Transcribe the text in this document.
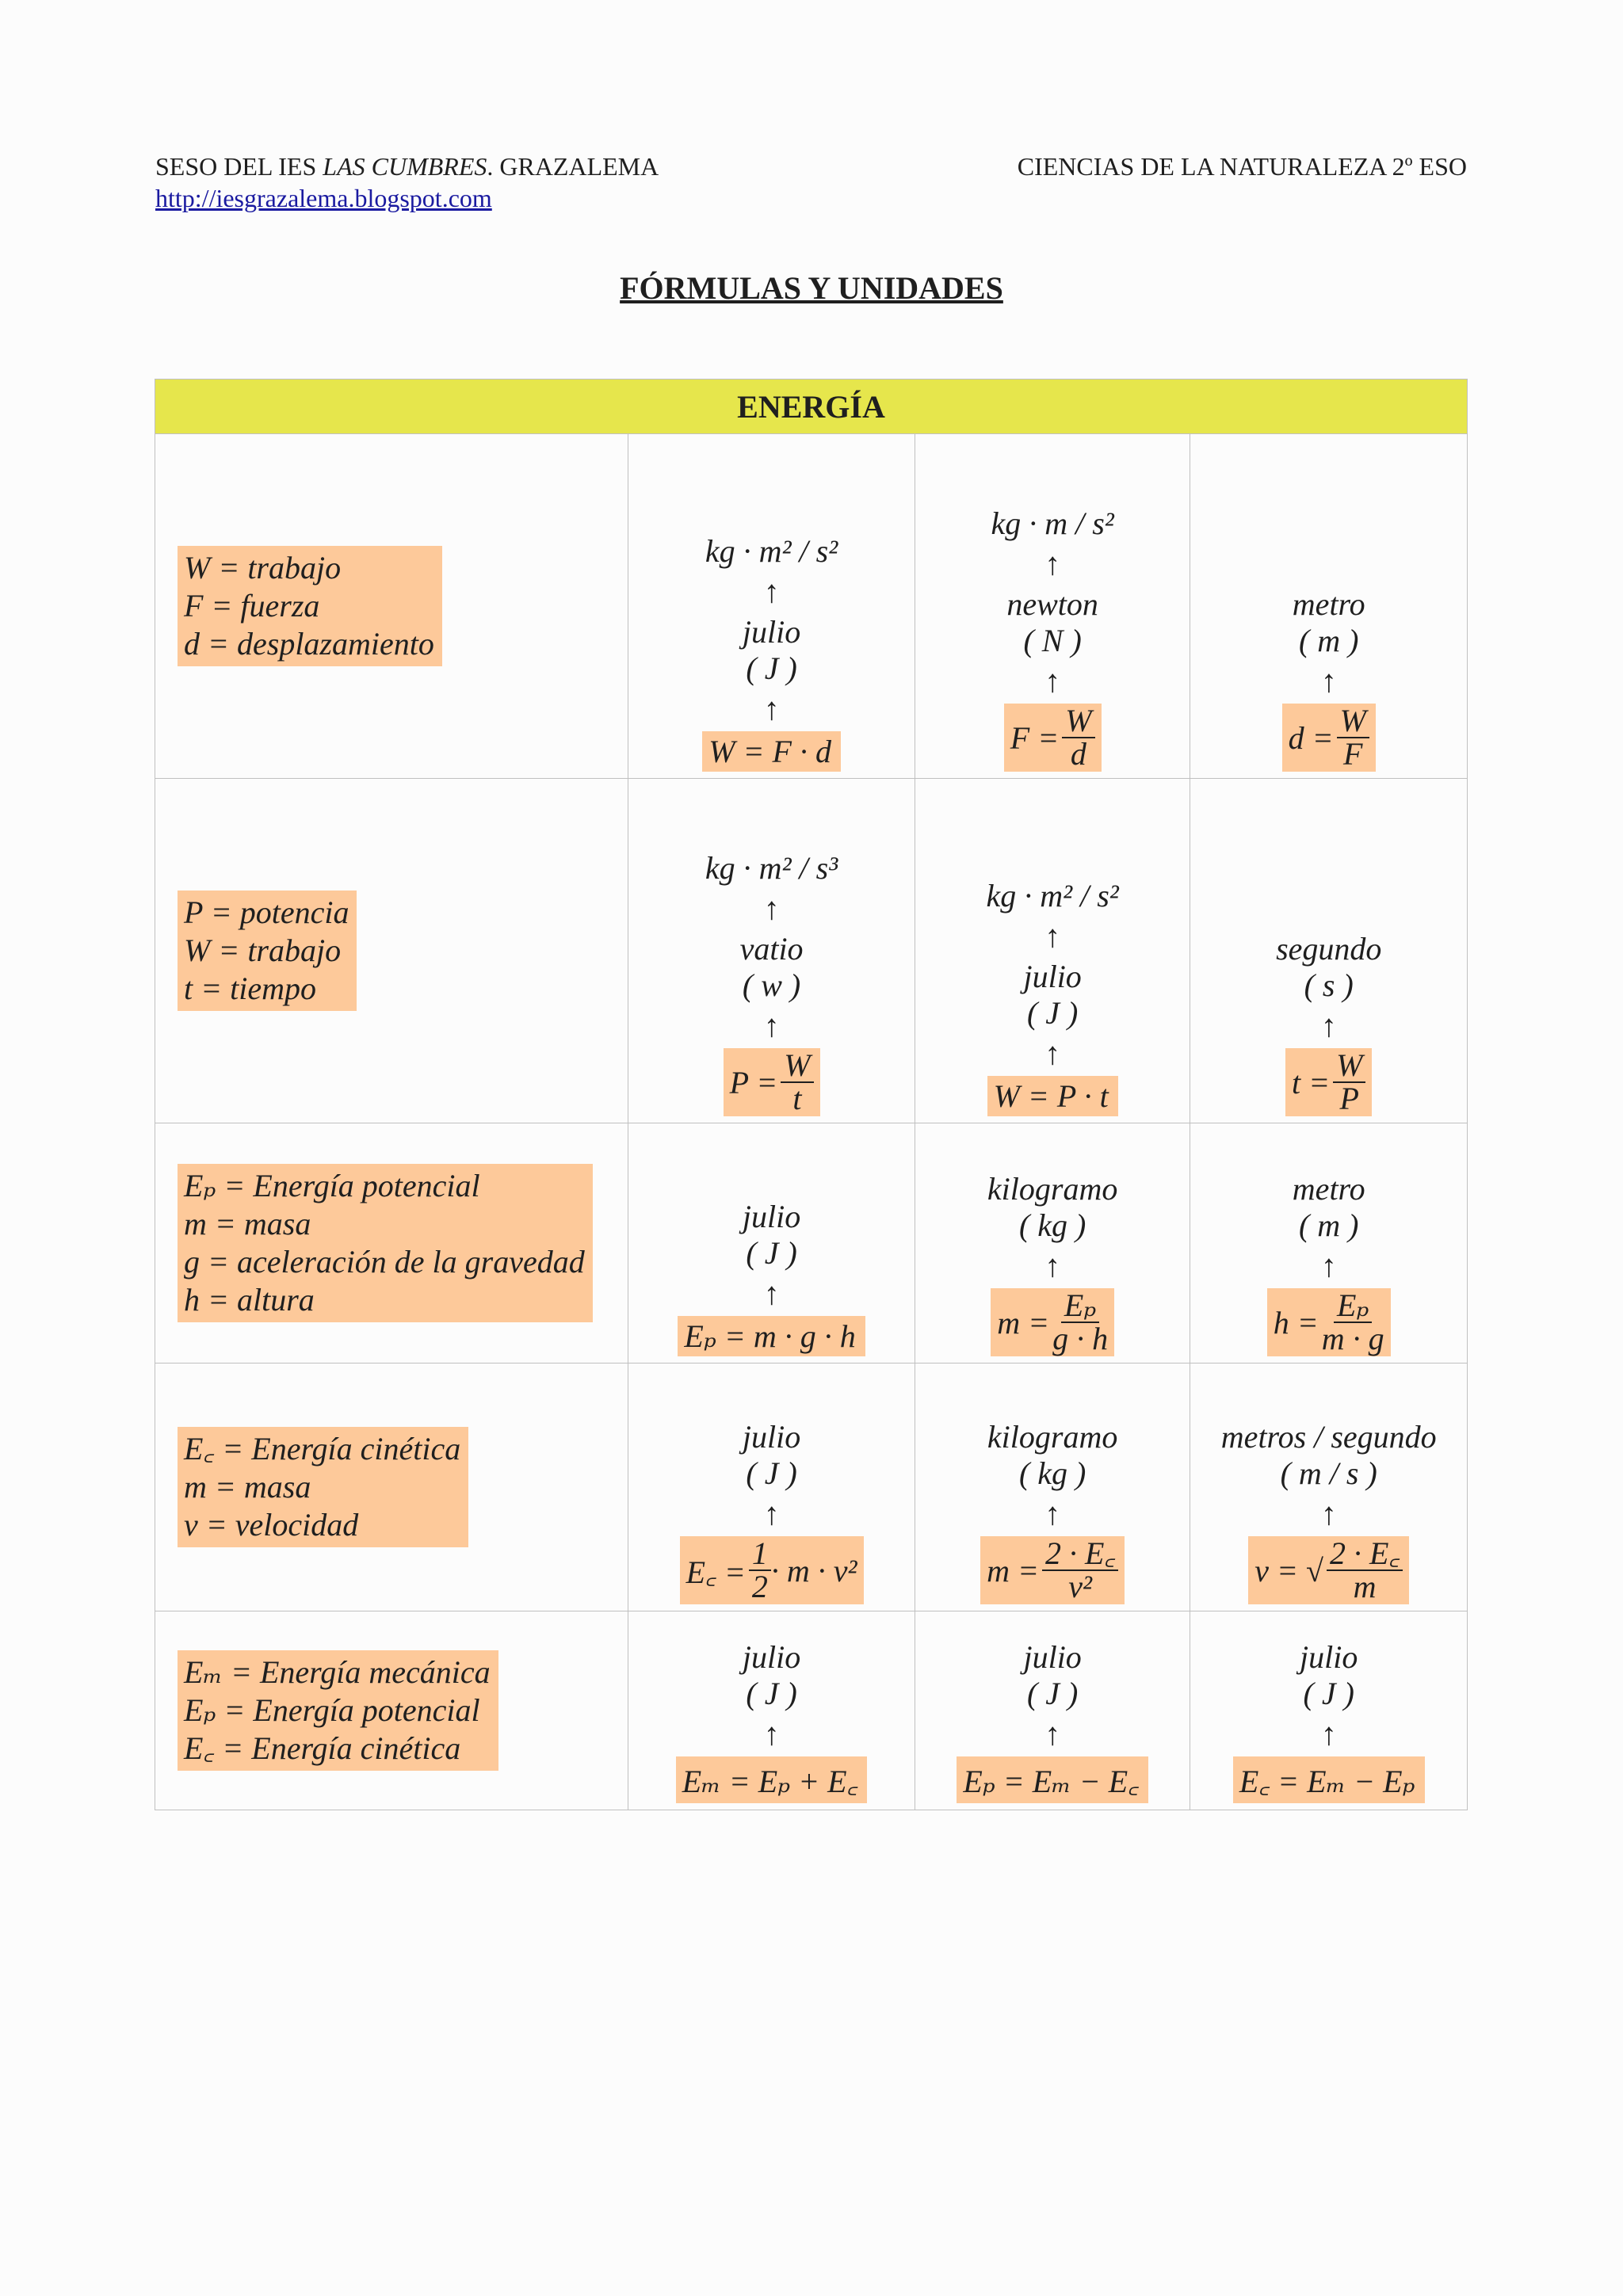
SESO DEL IES LAS CUMBRES. GRAZALEMA	CIENCIAS DE LA NATURALEZA 2º ESO
http://iesgrazalema.blogspot.com
FÓRMULAS Y UNIDADES
ENERGÍA
W = trabajo
F = fuerza
d = desplazamiento
kg · m² / s²
↑
julio
( J )
↑
W = F · d
kg · m / s²
↑
newton
( N )
↑
$F = \frac{W}{d}$

metro
( m )
↑
$d = \frac{W}{F}$
P = potencia
W = trabajo
t = tiempo
kg · m² / s³
↑
vatio
( w )
↑
$P = \frac{W}{t}$
kg · m² / s²
↑
julio
( J )
↑
W = P · t

segundo
( s )
↑
$t = \frac{W}{P}$
Eₚ = Energía potencial
m = masa
g = aceleración de la gravedad
h = altura
julio
( J )
↑
Eₚ = m · g · h
kilogramo
( kg )
↑
$m = \frac{\text{Eₚ}}{g \cdot h}$
metro
( m )
↑
$h = \frac{\text{Eₚ}}{m \cdot g}$
E꜀ = Energía cinética
m = masa
v = velocidad
julio
( J )
↑
E꜀ = $\frac{1}{2} \cdot m \cdot v^2$
kilogramo
( kg )
↑
$m = \frac{2 \cdot E꜀}{\text{v²}}$
metros / segundo
( m / s )
↑
v = √ $\frac{2 \cdot E꜀}{m}$
Eₘ = Energía mecánica
Eₚ = Energía potencial
E꜀ = Energía cinética
julio
( J )
↑
Eₘ = Eₚ + E꜀
julio
( J )
↑
Eₚ = Eₘ − E꜀
julio
( J )
↑
E꜀ = Eₘ − Eₚ
